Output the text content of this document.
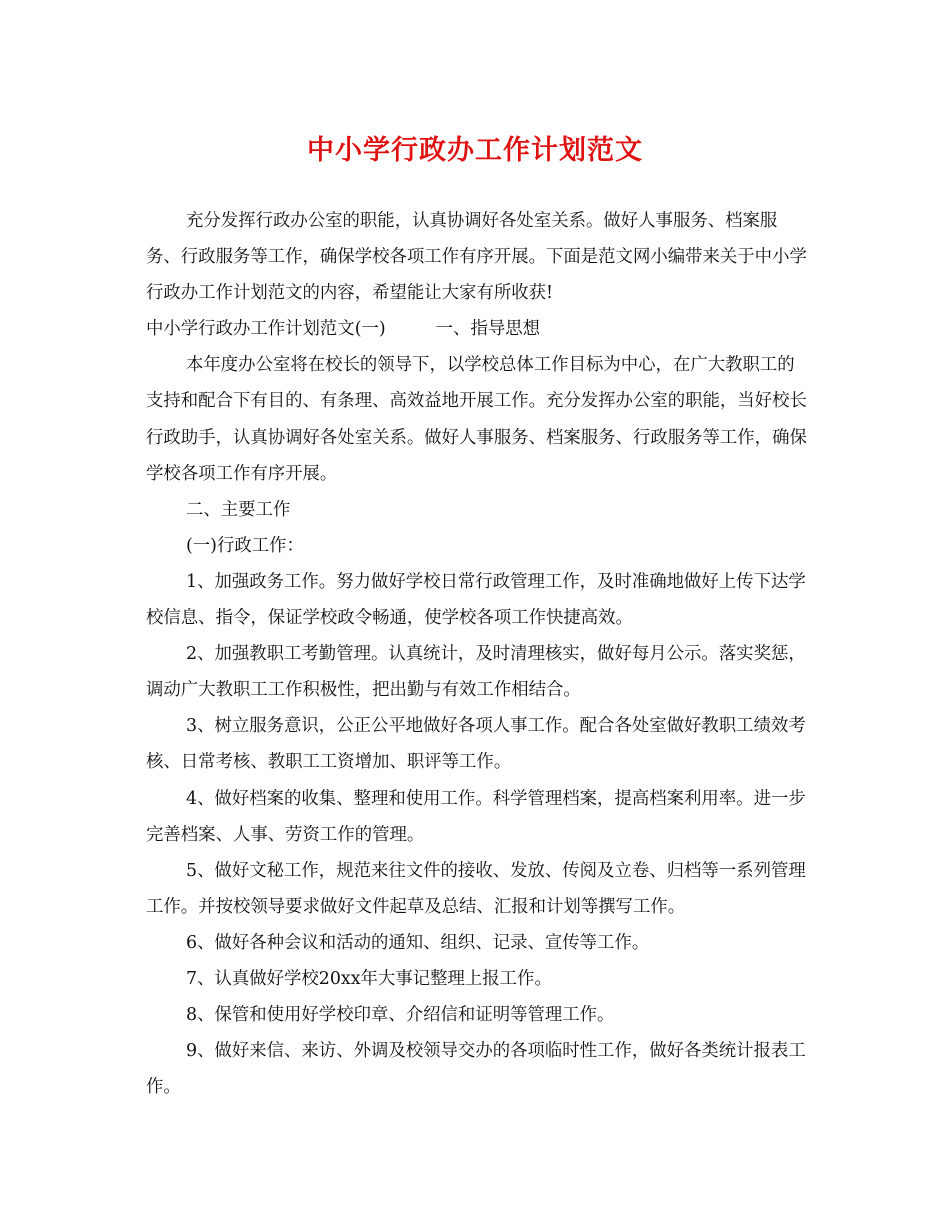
中小学行政办工作计划范文

充分发挥行政办公室的职能，认真协调好各处室关系。做好人事服务、档案服务、行政服务等工作，确保学校各项工作有序开展。下面是范文网小编带来关于中小学行政办工作计划范文的内容，希望能让大家有所收获!

中小学行政办工作计划范文(一)	一、指导思想

本年度办公室将在校长的领导下，以学校总体工作目标为中心，在广大教职工的支持和配合下有目的、有条理、高效益地开展工作。充分发挥办公室的职能，当好校长行政助手，认真协调好各处室关系。做好人事服务、档案服务、行政服务等工作，确保学校各项工作有序开展。

二、主要工作

(一)行政工作：

1、加强政务工作。努力做好学校日常行政管理工作，及时准确地做好上传下达学校信息、指令，保证学校政令畅通，使学校各项工作快捷高效。

2、加强教职工考勤管理。认真统计，及时清理核实，做好每月公示。落实奖惩，调动广大教职工工作积极性，把出勤与有效工作相结合。

3、树立服务意识，公正公平地做好各项人事工作。配合各处室做好教职工绩效考核、日常考核、教职工工资增加、职评等工作。

4、做好档案的收集、整理和使用工作。科学管理档案，提高档案利用率。进一步完善档案、人事、劳资工作的管理。

5、做好文秘工作，规范来往文件的接收、发放、传阅及立卷、归档等一系列管理工作。并按校领导要求做好文件起草及总结、汇报和计划等撰写工作。

6、做好各种会议和活动的通知、组织、记录、宣传等工作。

7、认真做好学校20xx年大事记整理上报工作。

8、保管和使用好学校印章、介绍信和证明等管理工作。

9、做好来信、来访、外调及校领导交办的各项临时性工作，做好各类统计报表工作。
